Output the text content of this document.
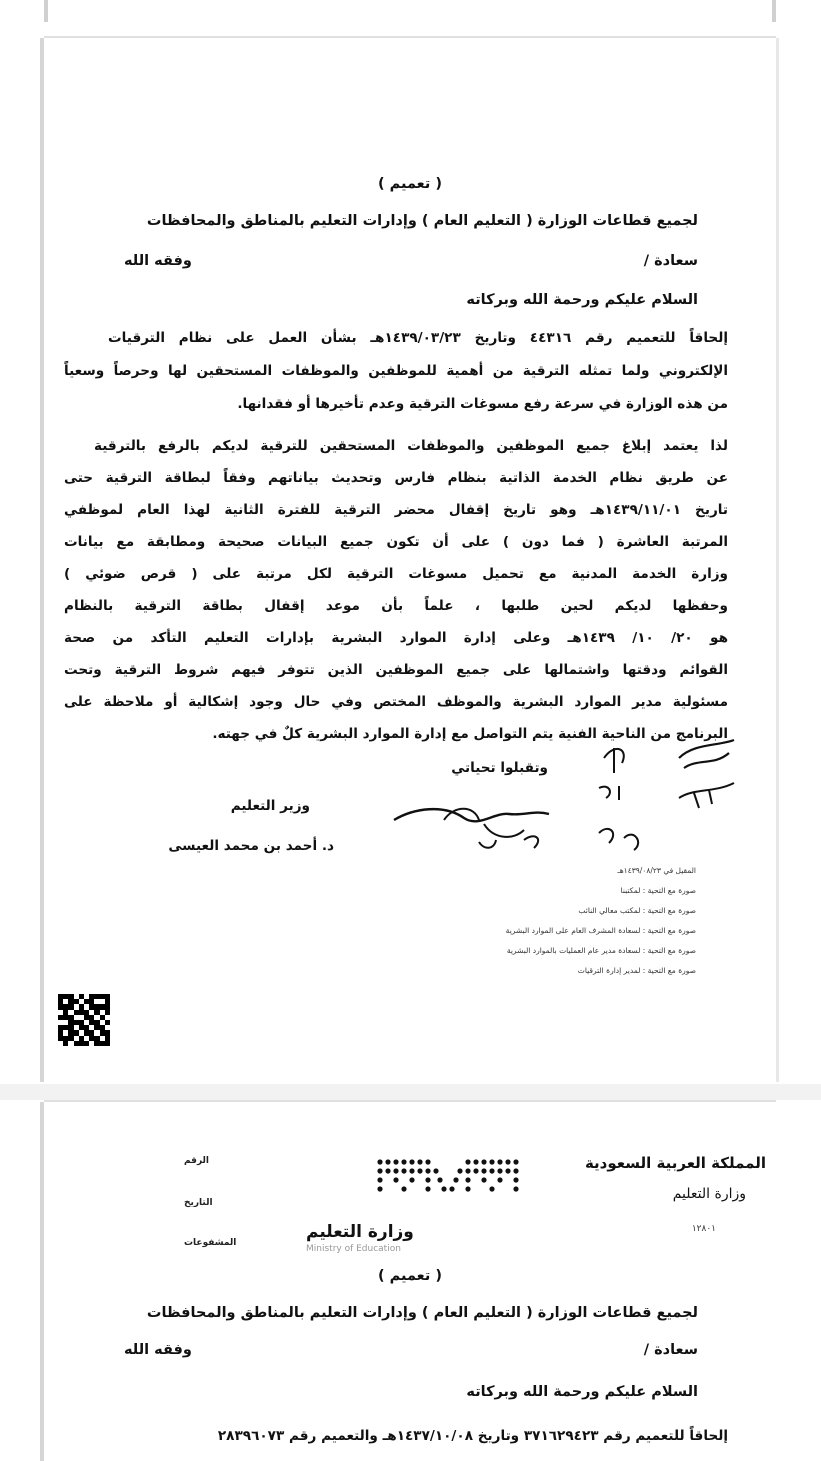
( تعميم )
لجميع قطاعات الوزارة ( التعليم العام ) وإدارات التعليم بالمناطق والمحافظات
سعادة /
وفقه الله
السلام عليكم ورحمة الله وبركاته
إلحاقاً للتعميم رقم ٤٤٣١٦ وتاريخ ١٤٣٩/٠٣/٢٣هـ بشأن العمل على نظام الترقيات
الإلكتروني ولما تمثله الترقية من أهمية للموظفين والموظفات المستحقين لها وحرصاً وسعياً
من هذه الوزارة في سرعة رفع مسوغات الترقية وعدم تأخيرها أو فقدانها.
لذا يعتمد إبلاغ جميع الموظفين والموظفات المستحقين للترقية لديكم بالرفع بالترقية
عن طريق نظام الخدمة الذاتية بنظام فارس وتحديث بياناتهم وفقاً لبطاقة الترقية حتى
تاريخ ١٤٣٩/١١/٠١هـ وهو تاريخ إقفال محضر الترقية للفترة الثانية لهذا العام لموظفي
المرتبة العاشرة ( فما دون ) على أن تكون جميع البيانات صحيحة ومطابقة مع بيانات
وزارة الخدمة المدنية مع تحميل مسوغات الترقية لكل مرتبة على ( قرص ضوئي )
وحفظها لديكم لحين طلبها ، علماً بأن موعد إقفال بطاقة الترقية بالنظام
هو ٢٠/ ١٠/ ١٤٣٩هـ وعلى إدارة الموارد البشرية بإدارات التعليم التأكد من صحة
القوائم ودقتها واشتمالها على جميع الموظفين الذين تتوفر فيهم شروط الترقية وتحت
مسئولية مدير الموارد البشرية والموظف المختص وفي حال وجود إشكالية أو ملاحظة على
البرنامج من الناحية الفنية يتم التواصل مع إدارة الموارد البشرية كلٌ في جهته.
وتقبلوا تحياتي
وزير التعليم
د. أحمد بن محمد العيسى
المقيل في ١٤٣٩/٠٨/٢٣هـ
صورة مع التحية : لمكتبنا
صورة مع التحية : لمكتب معالي النائب
صورة مع التحية : لسعادة المشرف العام على الموارد البشرية
صورة مع التحية : لسعادة مدير عام العمليات بالموارد البشرية
صورة مع التحية : لمدير إدارة الترقيات
المملكة العربية السعودية
وزارة التعليم
١٢٨٠١
وزارة التعليم
Ministry of Education
الرقم
التاريخ
المشفوعات
( تعميم )
لجميع قطاعات الوزارة ( التعليم العام ) وإدارات التعليم بالمناطق والمحافظات
سعادة /
وفقه الله
السلام عليكم ورحمة الله وبركاته
إلحاقاً للتعميم رقم ٣٧١٦٢٩٤٢٣ وتاريخ ١٤٣٧/١٠/٠٨هـ والتعميم رقم ٢٨٣٩٦٠٧٣
